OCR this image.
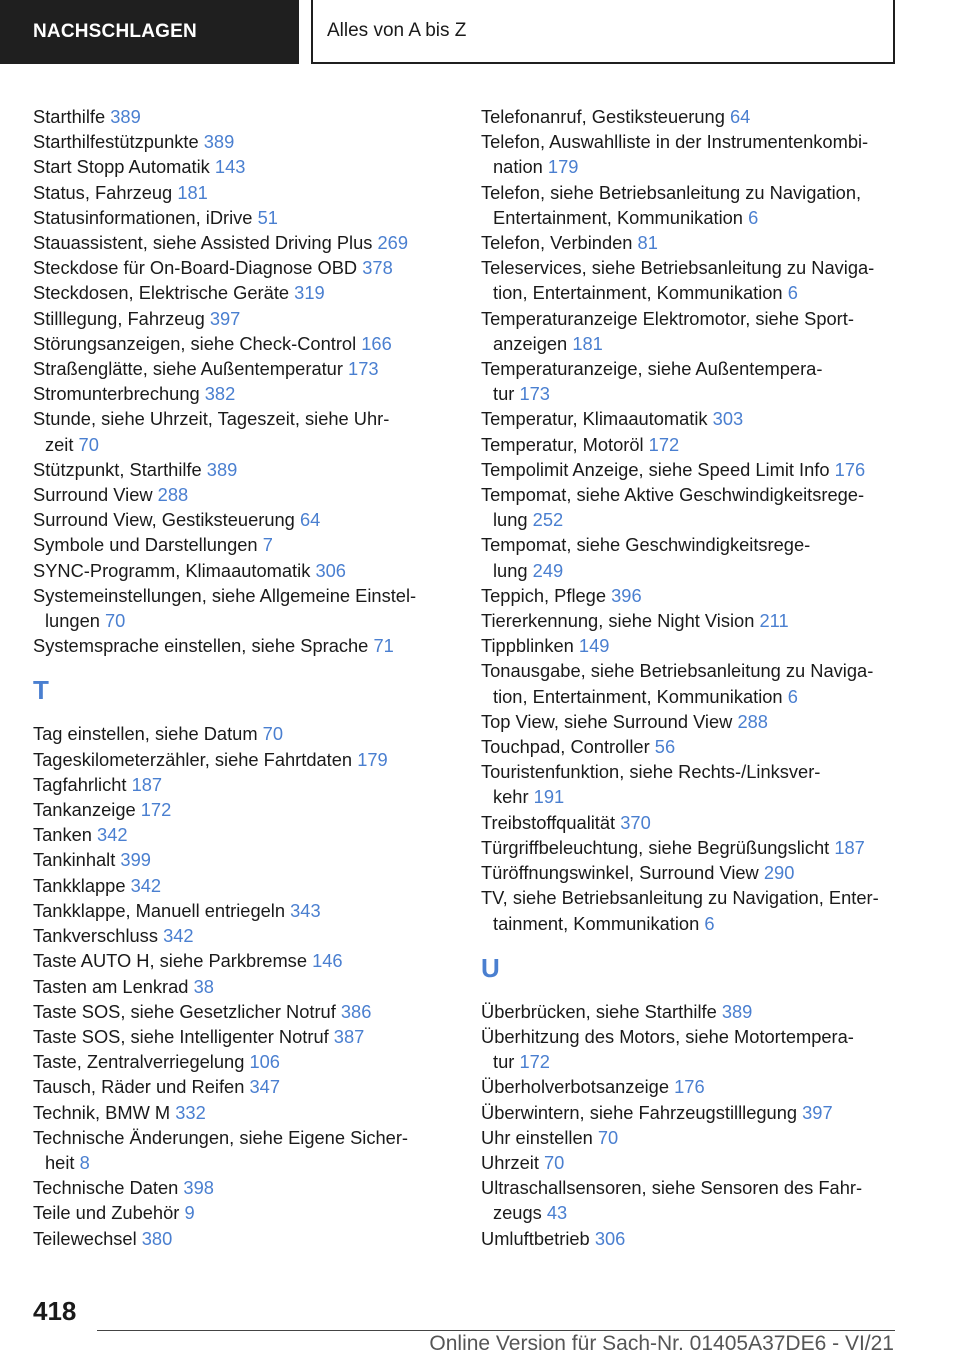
NACHSCHLAGEN	Alles von A bis Z
Starthilfe 389
Starthilfestützpunkte 389
Start Stopp Automatik 143
Status, Fahrzeug 181
Statusinformationen, iDrive 51
Stauassistent, siehe Assisted Driving Plus 269
Steckdose für On-Board-Diagnose OBD 378
Steckdosen, Elektrische Geräte 319
Stilllegung, Fahrzeug 397
Störungsanzeigen, siehe Check-Control 166
Straßenglätte, siehe Außentemperatur 173
Stromunterbrechung 382
Stunde, siehe Uhrzeit, Tageszeit, siehe Uhr-
zeit 70
Stützpunkt, Starthilfe 389
Surround View 288
Surround View, Gestiksteuerung 64
Symbole und Darstellungen 7
SYNC-Programm, Klimaautomatik 306
Systemeinstellungen, siehe Allgemeine Einstel-
lungen 70
Systemsprache einstellen, siehe Sprache 71
T
Tag einstellen, siehe Datum 70
Tageskilometerzähler, siehe Fahrtdaten 179
Tagfahrlicht 187
Tankanzeige 172
Tanken 342
Tankinhalt 399
Tankklappe 342
Tankklappe, Manuell entriegeln 343
Tankverschluss 342
Taste AUTO H, siehe Parkbremse 146
Tasten am Lenkrad 38
Taste SOS, siehe Gesetzlicher Notruf 386
Taste SOS, siehe Intelligenter Notruf 387
Taste, Zentralverriegelung 106
Tausch, Räder und Reifen 347
Technik, BMW M 332
Technische Änderungen, siehe Eigene Sicher-
heit 8
Technische Daten 398
Teile und Zubehör 9
Teilewechsel 380
Telefonanruf, Gestiksteuerung 64
Telefon, Auswahlliste in der Instrumentenkombi-
nation 179
Telefon, siehe Betriebsanleitung zu Navigation,
Entertainment, Kommunikation 6
Telefon, Verbinden 81
Teleservices, siehe Betriebsanleitung zu Naviga-
tion, Entertainment, Kommunikation 6
Temperaturanzeige Elektromotor, siehe Sport-
anzeigen 181
Temperaturanzeige, siehe Außentempera-
tur 173
Temperatur, Klimaautomatik 303
Temperatur, Motoröl 172
Tempolimit Anzeige, siehe Speed Limit Info 176
Tempomat, siehe Aktive Geschwindigkeitsrege-
lung 252
Tempomat, siehe Geschwindigkeitsrege-
lung 249
Teppich, Pflege 396
Tiererkennung, siehe Night Vision 211
Tippblinken 149
Tonausgabe, siehe Betriebsanleitung zu Naviga-
tion, Entertainment, Kommunikation 6
Top View, siehe Surround View 288
Touchpad, Controller 56
Touristenfunktion, siehe Rechts-/Linksver-
kehr 191
Treibstoffqualität 370
Türgriffbeleuchtung, siehe Begrüßungslicht 187
Türöffnungswinkel, Surround View 290
TV, siehe Betriebsanleitung zu Navigation, Enter-
tainment, Kommunikation 6
U
Überbrücken, siehe Starthilfe 389
Überhitzung des Motors, siehe Motortempera-
tur 172
Überholverbotsanzeige 176
Überwintern, siehe Fahrzeugstilllegung 397
Uhr einstellen 70
Uhrzeit 70
Ultraschallsensoren, siehe Sensoren des Fahr-
zeugs 43
Umluftbetrieb 306
418
Online Version für Sach-Nr. 01405A37DE6 - VI/21
